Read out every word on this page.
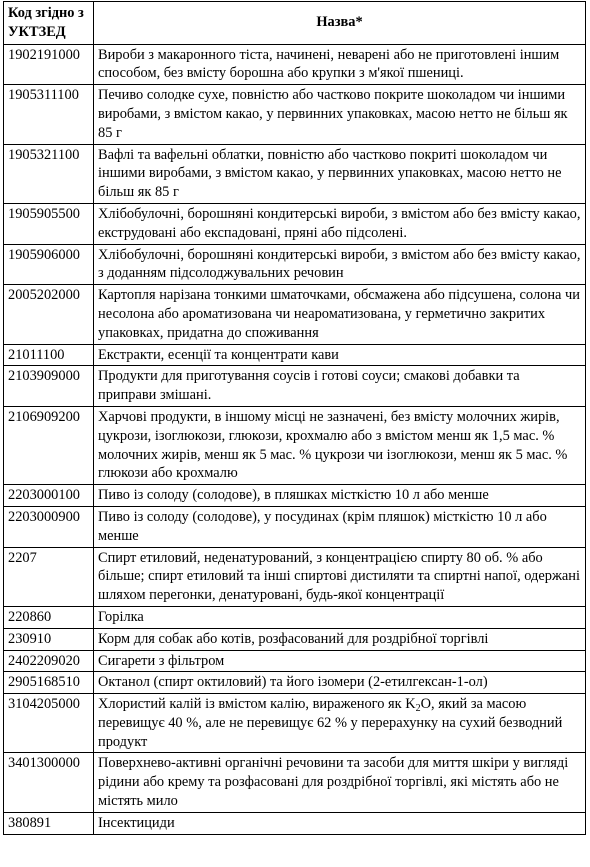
Код згідно з УКТЗЕД	Назва*
1902191000	Вироби з макаронного тіста, начинені, неварені або не приготовлені іншим способом, без вмісту борошна або крупки з м'якої пшениці.
1905311100	Печиво солодке сухе, повністю або частково покрите шоколадом чи іншими виробами, з вмістом какао, у первинних упаковках, масою нетто не більш як 85 г
1905321100	Вафлі та вафельні облатки, повністю або частково покриті шоколадом чи іншими виробами, з вмістом какао, у первинних упаковках, масою нетто не більш як 85 г
1905905500	Хлібобулочні, борошняні кондитерські вироби, з вмістом або без вмісту какао, екструдовані або експадовані, пряні або підсолені.
1905906000	Хлібобулочні, борошняні кондитерські вироби, з вмістом або без вмісту какао, з доданням підсолоджувальних речовин
2005202000	Картопля нарізана тонкими шматочками, обсмажена або підсушена, солона чи несолона або ароматизована чи неароматизована, у герметично закритих упаковках, придатна до споживання
21011100	Екстракти, есенції та концентрати кави
2103909000	Продукти для приготування соусів і готові соуси; смакові добавки та приправи змішані.
2106909200	Харчові продукти, в іншому місці не зазначені, без вмісту молочних жирів, цукрози, ізоглюкози, глюкози, крохмалю або з вмістом менш як 1,5 мас. % молочних жирів, менш як 5 мас. % цукрози чи ізоглюкози, менш як 5 мас. % глюкози або крохмалю
2203000100	Пиво із солоду (солодове), в пляшках місткістю 10 л або менше
2203000900	Пиво із солоду (солодове), у посудинах (крім пляшок) місткістю 10 л або менше
2207	Спирт етиловий, неденатурований, з концентрацією спирту 80 об. % або більше; спирт етиловий та інші спиртові дистиляти та спиртні напої, одержані шляхом перегонки, денатуровані, будь-якої концентрації
220860	Горілка
230910	Корм для собак або котів, розфасований для роздрібної торгівлі
2402209020	Сигарети з фільтром
2905168510	Октанол (спирт октиловий) та його ізомери (2-етилгексан-1-ол)
3104205000	Хлористий калій із вмістом калію, вираженого як $K_2O$, який за масою перевищує 40 %, але не перевищує 62 % у перерахунку на сухий безводний продукт
3401300000	Поверхнево-активні органічні речовини та засоби для миття шкіри у вигляді рідини або крему та розфасовані для роздрібної торгівлі, які містять або не містять мило
380891	Інсектициди
